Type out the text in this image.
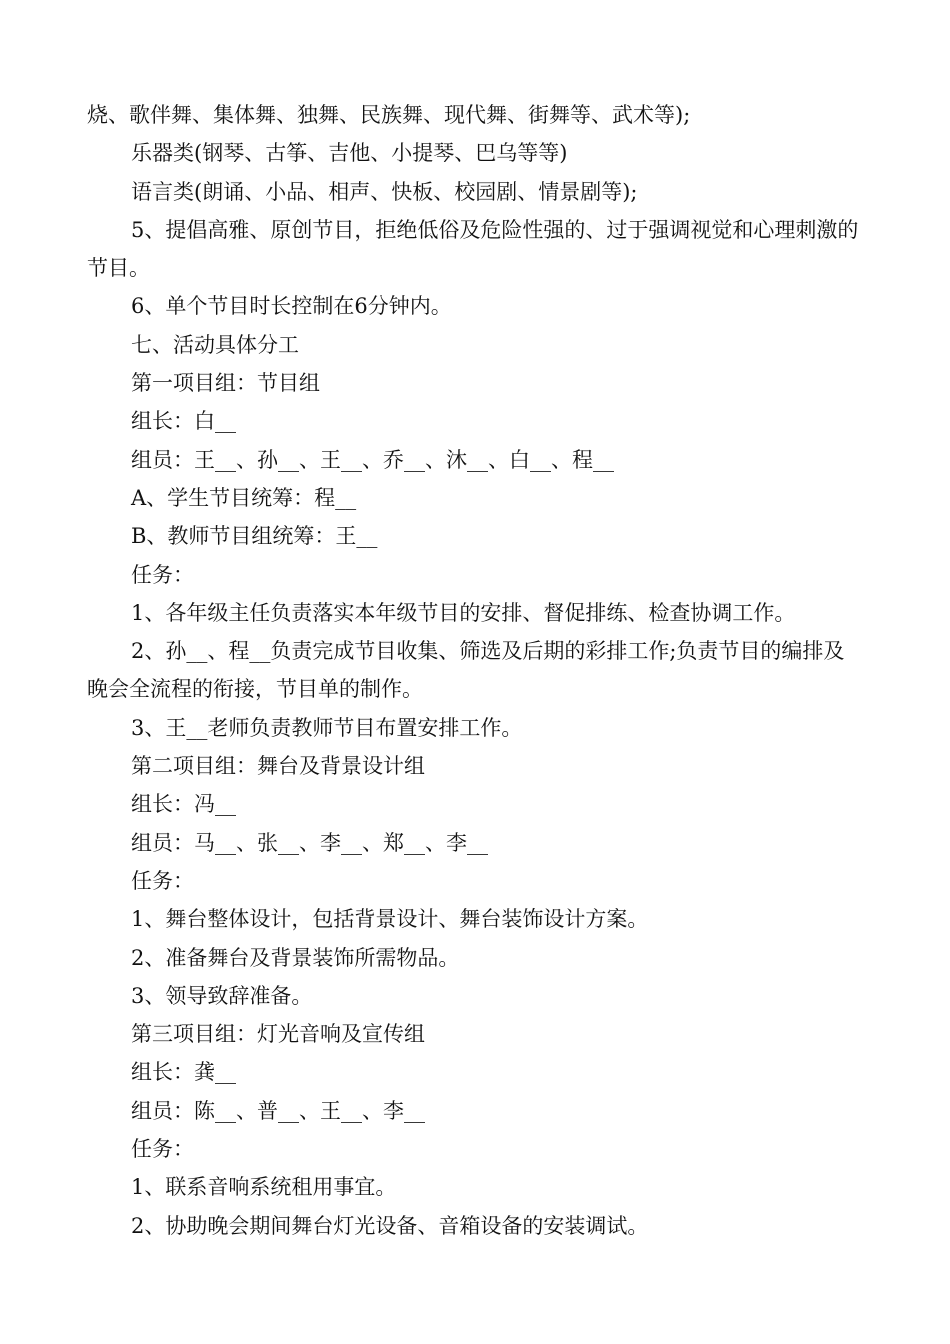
烧、歌伴舞、集体舞、独舞、民族舞、现代舞、街舞等、武术等);

乐器类(钢琴、古筝、吉他、小提琴、巴乌等等)

语言类(朗诵、小品、相声、快板、校园剧、情景剧等);

5、提倡高雅、原创节目，拒绝低俗及危险性强的、过于强调视觉和心理刺激的节目。

6、单个节目时长控制在6分钟内。

七、活动具体分工

第一项目组：节目组

组长：白__

组员：王__、孙__、王__、乔__、沐__、白__、程__

A、学生节目统筹：程__

B、教师节目组统筹：王__

任务：

1、各年级主任负责落实本年级节目的安排、督促排练、检查协调工作。

2、孙__、程__负责完成节目收集、筛选及后期的彩排工作;负责节目的编排及晚会全流程的衔接，节目单的制作。

3、王__老师负责教师节目布置安排工作。

第二项目组：舞台及背景设计组

组长：冯__

组员：马__、张__、李__、郑__、李__

任务：

1、舞台整体设计，包括背景设计、舞台装饰设计方案。

2、准备舞台及背景装饰所需物品。

3、领导致辞准备。

第三项目组：灯光音响及宣传组

组长：龚__

组员：陈__、普__、王__、李__

任务：

1、联系音响系统租用事宜。

2、协助晚会期间舞台灯光设备、音箱设备的安装调试。
